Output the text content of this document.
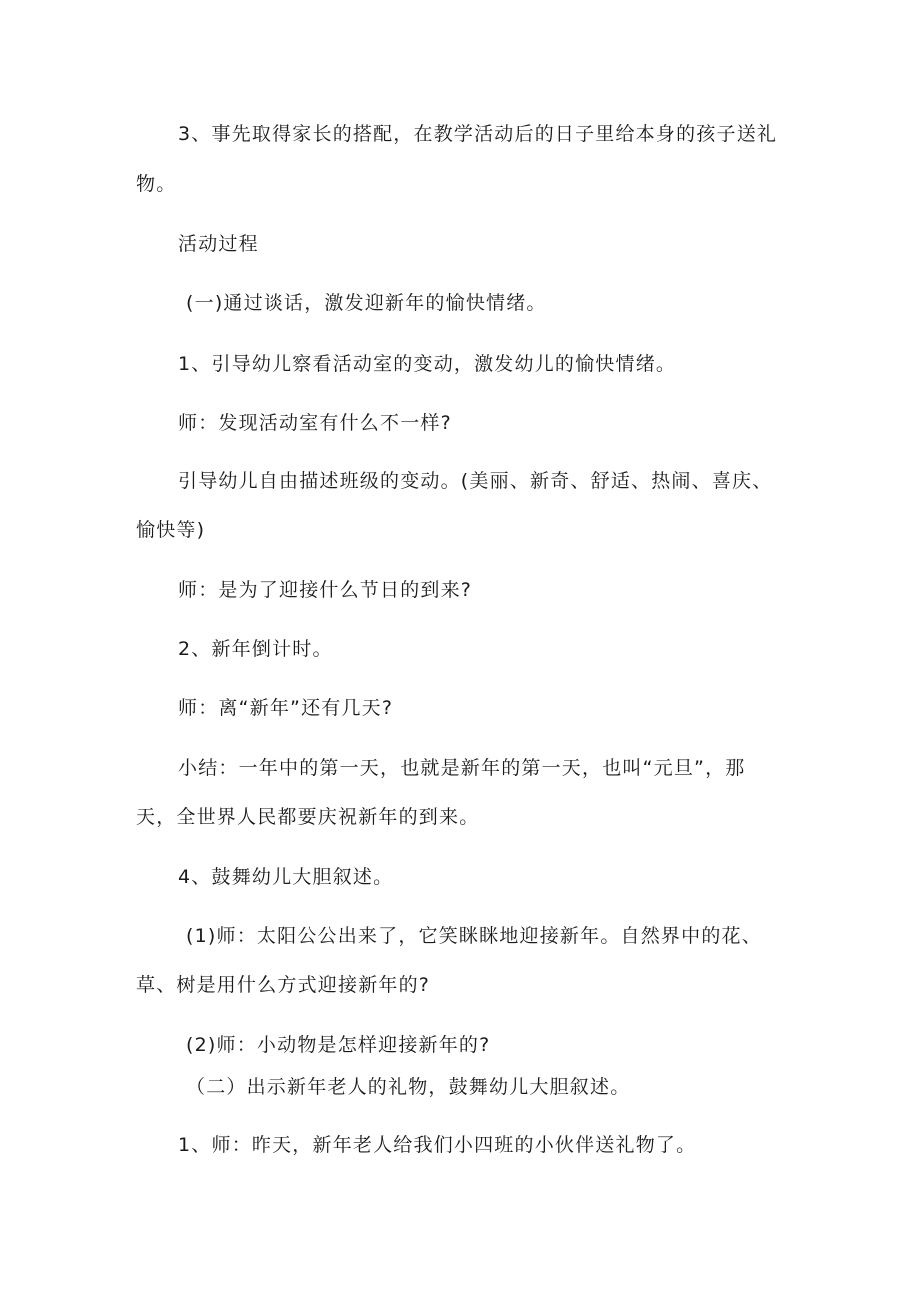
3、事先取得家长的搭配，在教学活动后的日子里给本身的孩子送礼
物。
活动过程
(一)通过谈话，激发迎新年的愉快情绪。
1、引导幼儿察看活动室的变动，激发幼儿的愉快情绪。
师：发现活动室有什么不一样?
引导幼儿自由描述班级的变动。(美丽、新奇、舒适、热闹、喜庆、
愉快等)
师：是为了迎接什么节日的到来?
2、新年倒计时。
师：离“新年”还有几天?
小结：一年中的第一天，也就是新年的第一天，也叫“元旦”，那
天，全世界人民都要庆祝新年的到来。
4、鼓舞幼儿大胆叙述。
(1)师：太阳公公出来了，它笑眯眯地迎接新年。自然界中的花、
草、树是用什么方式迎接新年的?
(2)师：小动物是怎样迎接新年的?
（二）出示新年老人的礼物，鼓舞幼儿大胆叙述。
1、师：昨天，新年老人给我们小四班的小伙伴送礼物了。
